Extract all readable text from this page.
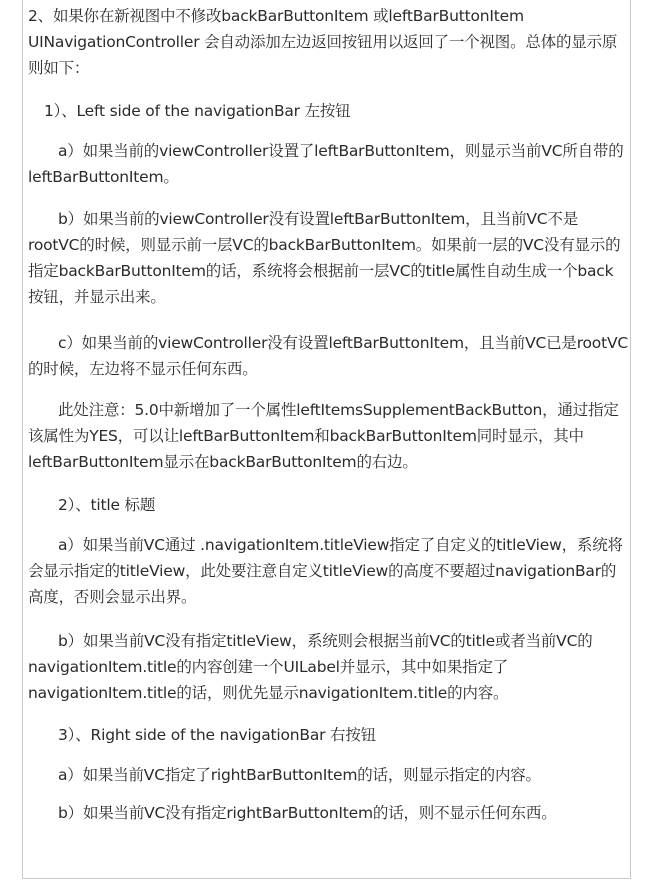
2、如果你在新视图中不修改backBarButtonItem 或leftBarButtonItem UINavigationController 会自动添加左边返回按钮用以返回了一个视图。总体的显示原则如下：

1）、Left side of the navigationBar 左按钮

a）如果当前的viewController设置了leftBarButtonItem，则显示当前VC所自带的leftBarButtonItem。

b）如果当前的viewController没有设置leftBarButtonItem，且当前VC不是rootVC的时候，则显示前一层VC的backBarButtonItem。如果前一层的VC没有显示的指定backBarButtonItem的话，系统将会根据前一层VC的title属性自动生成一个back按钮，并显示出来。

c）如果当前的viewController没有设置leftBarButtonItem，且当前VC已是rootVC的时候，左边将不显示任何东西。

此处注意：5.0中新增加了一个属性leftItemsSupplementBackButton，通过指定该属性为YES，可以让leftBarButtonItem和backBarButtonItem同时显示，其中leftBarButtonItem显示在backBarButtonItem的右边。

2）、title 标题

a）如果当前VC通过 .navigationItem.titleView指定了自定义的titleView，系统将会显示指定的titleView，此处要注意自定义titleView的高度不要超过navigationBar的高度，否则会显示出界。

b）如果当前VC没有指定titleView，系统则会根据当前VC的title或者当前VC的navigationItem.title的内容创建一个UILabel并显示，其中如果指定了navigationItem.title的话，则优先显示navigationItem.title的内容。

3）、Right side of the navigationBar 右按钮

a）如果当前VC指定了rightBarButtonItem的话，则显示指定的内容。

b）如果当前VC没有指定rightBarButtonItem的话，则不显示任何东西。
